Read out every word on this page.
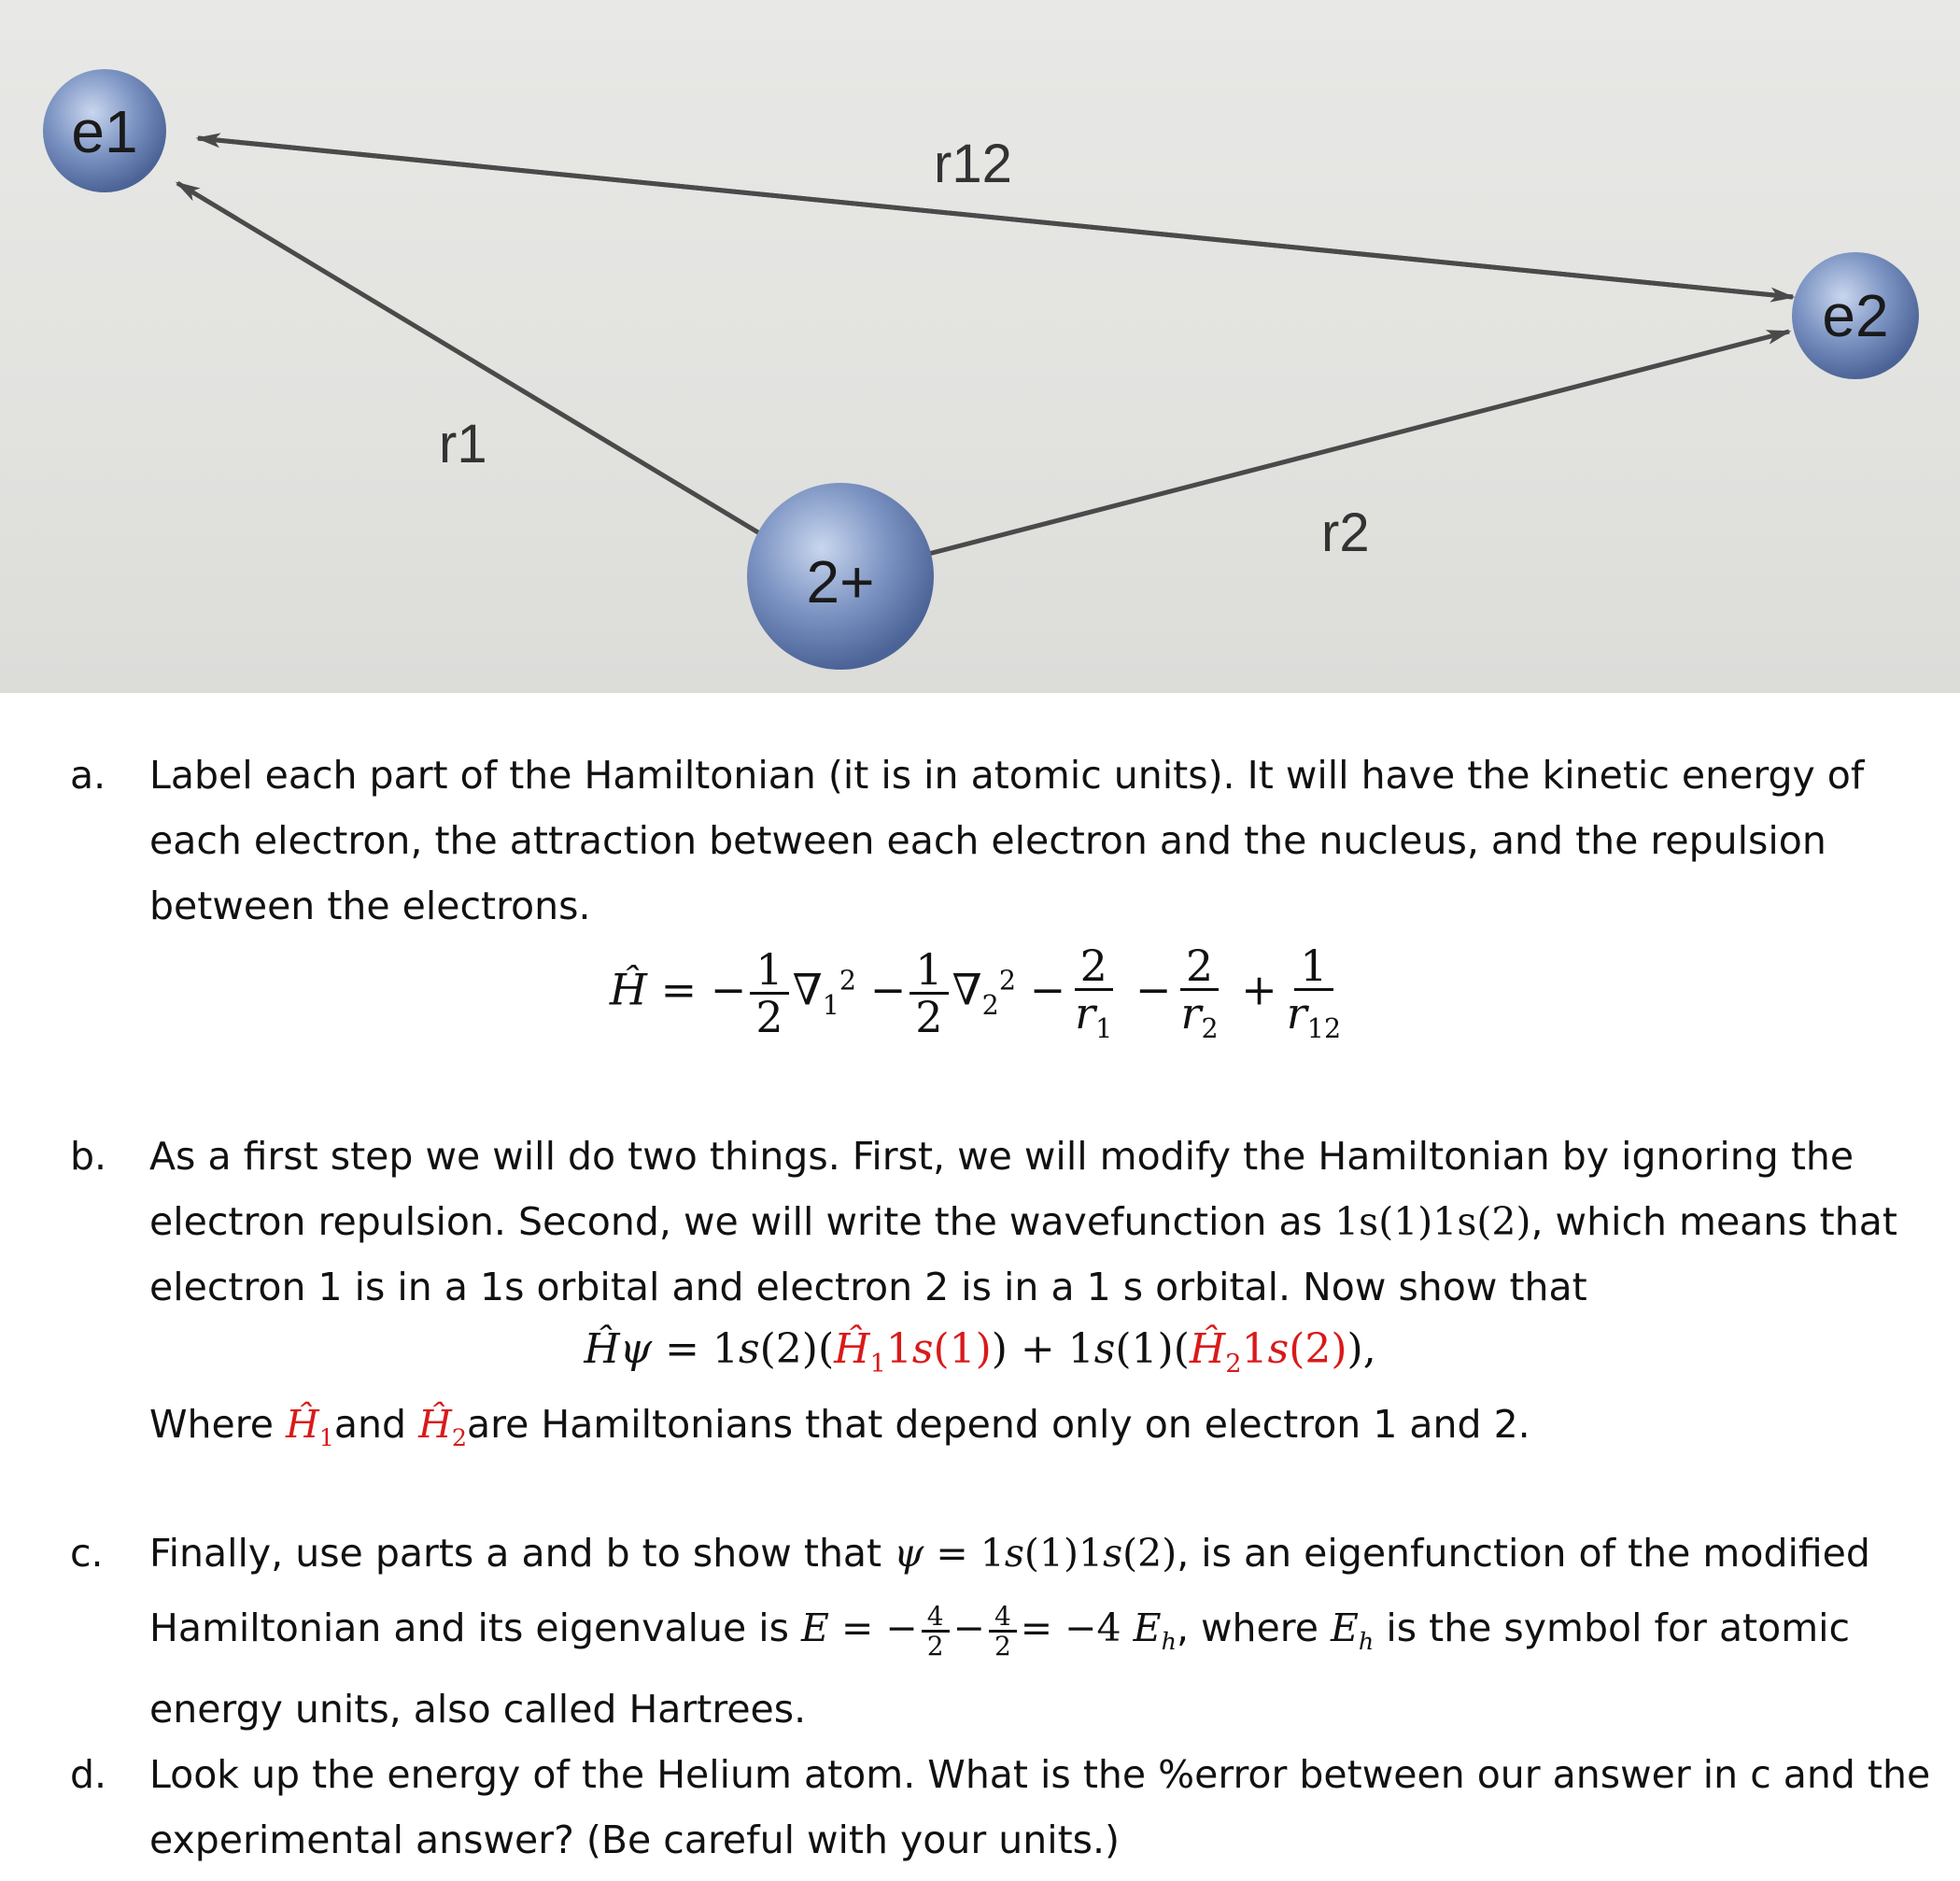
e1
e2
2+
r12
r1
r2
a.	Label each part of the Hamiltonian (it is in atomic units). It will have the kinetic energy of each electron, the attraction between each electron and the nucleus, and the repulsion between the electrons.
Ĥ = − $\frac{1}{2} \nabla_1^2 - \frac{1}{2} \nabla_2^2 - \frac{2}{r_1} - \frac{2}{r_2} + \frac{1}{r_{12}}$
b.	As a first step we will do two things. First, we will modify the Hamiltonian by ignoring the electron repulsion. Second, we will write the wavefunction as 1s(1)1s(2), which means that electron 1 is in a 1s orbital and electron 2 is in a 1 s orbital. Now show that
Ĥψ = $1s(2)(Ĥ_11s(1))$ + $1s(1)(Ĥ_21s(2))$,
Where $Ĥ_1and$ $Ĥ_2are$ Hamiltonians that depend only on electron 1 and 2.
c.	Finally, use parts a and b to show that ψ = 1s(1)1s(2), is an eigenfunction of the modified
Hamiltonian and its eigenvalue is E = − $\frac{4}{2} - \frac{4}{2} = -4$ $E_h$, where $E_h$ is the symbol for atomic
energy units, also called Hartrees.
d.	Look up the energy of the Helium atom. What is the %error between our answer in c and the experimental answer? (Be careful with your units.)
